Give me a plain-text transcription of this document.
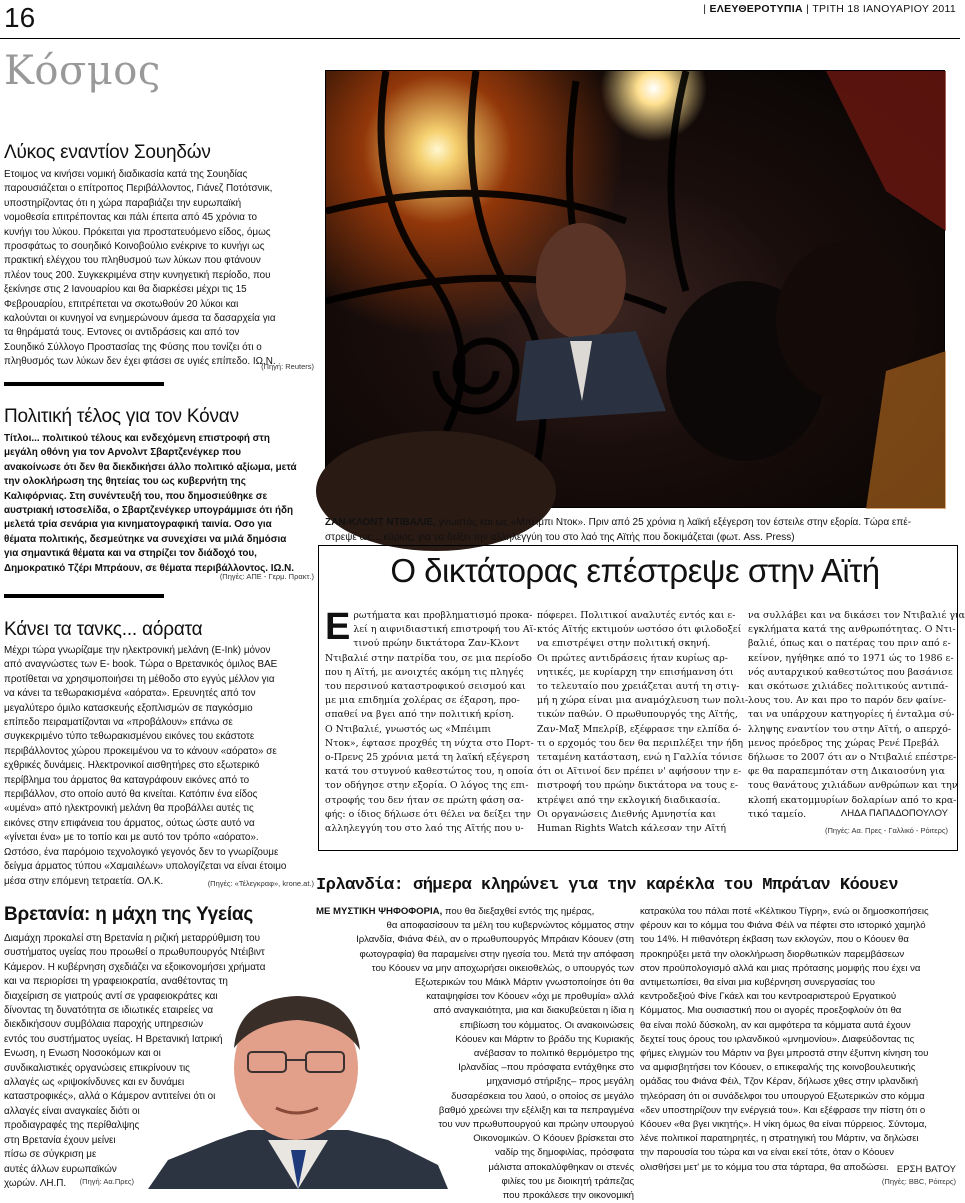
16	| ΕΛΕΥΘΕΡΟΤΥΠΙΑ | ΤΡΙΤΗ 18 ΙΑΝΟΥΑΡΙΟΥ 2011
Κόσμος
Λύκος εναντίον Σουηδών
Ετοιμος να κινήσει νομική διαδικασία κατά της Σουηδίας
παρουσιάζεται ο επίτροπος Περιβάλλοντος, Γιάνεζ Ποτότσνικ,
υποστηρίζοντας ότι η χώρα παραβιάζει την ευρωπαϊκή
νομοθεσία επιτρέποντας και πάλι έπειτα από 45 χρόνια το
κυνήγι του λύκου. Πρόκειται για προστατευόμενο είδος, όμως
προσφάτως το σουηδικό Κοινοβούλιο ενέκρινε το κυνήγι ως
πρακτική ελέγχου του πληθυσμού των λύκων που φτάνουν
πλέον τους 200. Συγκεκριμένα στην κυνηγετική περίοδο, που
ξεκίνησε στις 2 Ιανουαρίου και θα διαρκέσει μέχρι τις 15
Φεβρουαρίου, επιτρέπεται να σκοτωθούν 20 λύκοι και
καλούνται οι κυνηγοί να ενημερώνουν άμεσα τα δασαρχεία για
τα θηράματά τους. Εντονες οι αντιδράσεις και από τον
Σουηδικό Σύλλογο Προστασίας της Φύσης που τονίζει ότι ο
πληθυσμός των λύκων δεν έχει φτάσει σε υγιές επίπεδο. ΙΩ.Ν.
(Πηγή: Reuters)
Πολιτική τέλος για τον Κόναν
Τίτλοι... πολιτικού τέλους και ενδεχόμενη επιστροφή στη
μεγάλη οθόνη για τον Αρνολντ Σβαρτζενέγκερ που
ανακοίνωσε ότι δεν θα διεκδικήσει άλλο πολιτικό αξίωμα, μετά
την ολοκλήρωση της θητείας του ως κυβερνήτη της
Καλιφόρνιας. Στη συνέντευξή του, που δημοσιεύθηκε σε
αυστριακή ιστοσελίδα, ο Σβαρτζενέγκερ υπογράμμισε ότι ήδη
μελετά τρία σενάρια για κινηματογραφική ταινία. Οσο για
θέματα πολιτικής, δεσμεύτηκε να συνεχίσει να μιλά δημόσια
για σημαντικά θέματα και να στηρίζει τον διάδοχό του,
Δημοκρατικό Τζέρι Μπράουν, σε θέματα περιβάλλοντος. ΙΩ.Ν.
(Πηγές: ΑΠΕ - Γερμ. Πρακτ.)
Κάνει τα τανκς... αόρατα
Μέχρι τώρα γνωρίζαμε την ηλεκτρονική μελάνη (E-Ink) μόνον
από αναγνώστες των E- book. Τώρα ο Βρετανικός όμιλος ΒΑΕ
προτίθεται να χρησιμοποιήσει τη μέθοδο στο εγγύς μέλλον για
να κάνει τα τεθωρακισμένα «αόρατα». Ερευνητές από τον
μεγαλύτερο όμιλο κατασκευής εξοπλισμών σε παγκόσμιο
επίπεδο πειραματίζονται να «προβάλουν» επάνω σε
συγκεκριμένο τύπο τεθωρακισμένου εικόνες του εκάστοτε
περιβάλλοντος χώρου προκειμένου να το κάνουν «αόρατο» σε
εχθρικές δυνάμεις. Ηλεκτρονικοί αισθητήρες στο εξωτερικό
περίβλημα του άρματος θα καταγράφουν εικόνες από το
περιβάλλον, στο οποίο αυτό θα κινείται. Κατόπιν ένα είδος
«υμένα» από ηλεκτρονική μελάνη θα προβάλλει αυτές τις
εικόνες στην επιφάνεια του άρματος, ούτως ώστε αυτό να
«γίνεται ένα» με το τοπίο και με αυτό τον τρόπο «αόρατο».
Ωστόσο, ένα παρόμοιο τεχνολογικό γεγονός δεν το γνωρίζουμε
δείγμα άρματος τύπου «Χαμαιλέων» υπολογίζεται να είναι έτοιμο
μέσα στην επόμενη τετραετία. ΟΛ.Κ.	(Πηγές: «Τέλεγκραφ», krone.at.)
Βρετανία: η μάχη της Υγείας
Διαμάχη προκαλεί στη Βρετανία η ριζική μεταρρύθμιση του
συστήματος υγείας που προωθεί ο πρωθυπουργός Ντέιβιντ
Κάμερον. Η κυβέρνηση σχεδιάζει να εξοικονομήσει χρήματα
και να περιορίσει τη γραφειοκρατία, αναθέτοντας τη
διαχείριση σε γιατρούς αντί σε γραφειοκράτες και
δίνοντας τη δυνατότητα σε ιδιωτικές εταιρείες να
διεκδικήσουν συμβόλαια παροχής υπηρεσιών
εντός του συστήματος υγείας. Η Βρετανική Ιατρική
Ενωση, η Ενωση Νοσοκόμων και οι
συνδικαλιστικές οργανώσεις επικρίνουν τις
αλλαγές ως «ριψοκίνδυνες και εν δυνάμει
καταστροφικές», αλλά ο Κάμερον αντιτείνει ότι οι
αλλαγές είναι αναγκαίες διότι οι
προδιαγραφές της περίθαλψης
στη Βρετανία έχουν μείνει
πίσω σε σύγκριση με
αυτές άλλων ευρωπαϊκών
χωρών. ΛΗ.Π.	(Πηγή: Αα.Πρες)
ΖΑΝ-ΚΛΟΝΤ ΝΤΙΒΑΛΙΕ, γνωστός και ως «Μπέιμπι Ντοκ». Πριν από 25 χρόνια η λαϊκή εξέγερση τον έστειλε στην εξορία. Τώρα επέ-
στρεψε ως... κύριος, για να δείξει την αλληλεγγύη του στο λαό της Αϊτής που δοκιμάζεται (φωτ. Ass. Press)
Ο δικτάτορας επέστρεψε στην Αϊτή
Ε ρωτήματα και προβληματισμό προκα-
λεί η αιφνιδιαστική επιστροφή του Αϊ-
τινού πρώην δικτάτορα Ζαν-Κλοντ
Ντιβαλιέ στην πατρίδα του, σε μια περίοδο
που η Αϊτή, με ανοιχτές ακόμη τις πληγές
του περσινού καταστροφικού σεισμού και
με μια επιδημία χολέρας σε έξαρση, προ-
σπαθεί να βγει από την πολιτική κρίση.
Ο Ντιβαλιέ, γνωστός ως «Μπέιμπι
Ντοκ», έφτασε προχθές τη νύχτα στο Πορτ-
ο-Πρενς 25 χρόνια μετά τη λαϊκή εξέγερση
κατά του στυγνού καθεστώτος του, η οποία
τον οδήγησε στην εξορία. Ο λόγος της επι-
στροφής του δεν ήταν σε πρώτη φάση σα-
φής: ο ίδιος δήλωσε ότι θέλει να δείξει την
αλληλεγγύη του στο λαό της Αϊτής που υ-
πόφερει. Πολιτικοί αναλυτές εντός και ε-
κτός Αϊτής εκτιμούν ωστόσο ότι φιλοδοξεί
να επιστρέψει στην πολιτική σκηνή.
Οι πρώτες αντιδράσεις ήταν κυρίως αρ-
νητικές, με κυρίαρχη την επισήμανση ότι
το τελευταίο που χρειάζεται αυτή τη στιγ-
μή η χώρα είναι μια αναμόχλευση των πολι-
τικών παθών. Ο πρωθυπουργός της Αϊτής,
Ζαν-Μαξ Μπελρίβ, εξέφρασε την ελπίδα ό-
τι ο ερχομός του δεν θα περιπλέξει την ήδη
τεταμένη κατάσταση, ενώ η Γαλλία τόνισε
ότι οι Αϊτινοί δεν πρέπει ν' αφήσουν την ε-
πιστροφή του πρώην δικτάτορα να τους ε-
κτρέψει από την εκλογική διαδικασία.
Οι οργανώσεις Διεθνής Αμνηστία και
Human Rights Watch κάλεσαν την Αϊτή
να συλλάβει και να δικάσει τον Ντιβαλιέ για
εγκλήματα κατά της ανθρωπότητας. Ο Ντι-
βαλιέ, όπως και ο πατέρας του πριν από ε-
κείνον, ηγήθηκε από το 1971 ώς το 1986 ε-
νός αυταρχικού καθεστώτος που βασάνισε
και σκότωσε χιλιάδες πολιτικούς αντιπά-
λους του. Αν και προ το παρόν δεν φαίνε-
ται να υπάρχουν κατηγορίες ή ένταλμα σύ-
λληψης εναντίον του στην Αϊτή, ο απερχό-
μενος πρόεδρος της χώρας Ρενέ Πρεβάλ
δήλωσε το 2007 ότι αν ο Ντιβαλιέ επέστρε-
φε θα παραπεμπόταν στη Δικαιοσύνη για
τους θανάτους χιλιάδων ανθρώπων και την
κλοπή εκατομμυρίων δολαρίων από το κρα-
τικό ταμείο.	ΛΗΔΑ ΠΑΠΑΔΟΠΟΥΛΟΥ
(Πηγές: Αα. Πρες - Γαλλικό - Ρόιτερς)
Ιρλανδία: σήμερα κληρώνει για την καρέκλα του Μπράιαν Κόουεν
ΜΕ ΜΥΣΤΙΚΗ ΨΗΦΟΦΟΡΙΑ, που θα διεξαχθεί εντός της ημέρας,
θα αποφασίσουν τα μέλη του κυβερνώντος κόμματος στην
Ιρλανδία, Φιάνα Φέιλ, αν ο πρωθυπουργός Μπράιαν Κόουεν (στη
φωτογραφία) θα παραμείνει στην ηγεσία του. Μετά την απόφαση
του Κόουεν να μην αποχωρήσει οικειοθελώς, ο υπουργός των
Εξωτερικών του Μάικλ Μάρτιν γνωστοποίησε ότι θα
καταψηφίσει τον Κόουεν «όχι με προθυμία» αλλά
από αναγκαιότητα, μια και διακυβεύεται η ίδια η
επιβίωση του κόμματος. Οι ανακοινώσεις
Κόουεν και Μάρτιν το βράδυ της Κυριακής
ανέβασαν το πολιτικό θερμόμετρο της
Ιρλανδίας –που πρόσφατα εντάχθηκε στο
μηχανισμό στήριξης– προς μεγάλη
δυσαρέσκεια του λαού, ο οποίος σε μεγάλο
βαθμό χρεώνει την εξέλιξη και τα πεπραγμένα
του νυν πρωθυπουργού και πρώην υπουργού
Οικονομικών. Ο Κόουεν βρίσκεται στο
ναδίρ της δημοφιλίας, πρόσφατα
μάλιστα αποκαλύφθηκαν οι στενές
φιλίες του με διοικητή τράπεζας
που προκάλεσε την οικονομική
κατρακύλα του πάλαι ποτέ «Κέλτικου Τίγρη», ενώ οι δημοσκοπήσεις
φέρουν και το κόμμα του Φιάνα Φέιλ να πέφτει στο ιστορικό χαμηλό
του 14%. Η πιθανότερη έκβαση των εκλογών, που ο Κόουεν θα
προκηρύξει μετά την ολοκλήρωση διορθωτικών παρεμβάσεων
στον προϋπολογισμό αλλά και μιας πρότασης μομφής που έχει να
αντιμετωπίσει, θα είναι μια κυβέρνηση συνεργασίας του
κεντροδεξιού Φίνε Γκάελ και του κεντροαριστερού Εργατικού
Κόμματος. Μια ουσιαστική που οι αγορές προεξοφλούν ότι θα
θα είναι πολύ δύσκολη, αν και αμφότερα τα κόμματα αυτά έχουν
δεχτεί τους όρους του ιρλανδικού «μνημονίου». Διαφεύδοντας τις
φήμες ελιγμών του Μάρτιν να βγει μπροστά στην έξυπνη κίνηση του
να αμφισβητήσει τον Κόουεν, ο επικεφαλής της κοινοβουλευτικής
ομάδας του Φιάνα Φέιλ, Τζον Κέραν, δήλωσε χθες στην ιρλανδική
τηλεόραση ότι οι συνάδελφοι του υπουργού Εξωτερικών στο κόμμα
«δεν υποστηρίζουν την ενέργειά του». Και εξέφρασε την πίστη ότι ο
Κόουεν «θα βγει νικητής». Η νίκη όμως θα είναι πύρρειος. Σύντομα,
λένε πολιτικοί παρατηρητές, η στρατηγική του Μάρτιν, να δηλώσει
την παρουσία του τώρα και να είναι εκεί τότε, όταν ο Κόουεν
ολισθήσει μετ' με το κόμμα του στα τάρταρα, θα αποδώσει. ΕΡΣΗ ΒΑΤΟΥ
(Πηγές: BBC, Ρόιτερς)
